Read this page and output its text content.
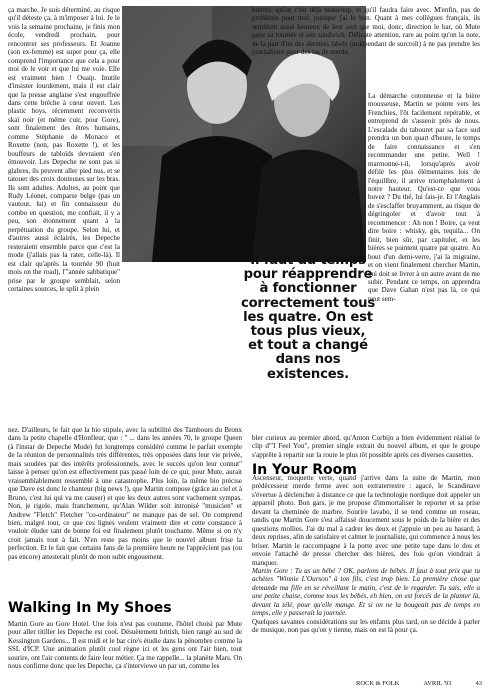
ça marche. Je suis déterminé, au risque qu'il déteste ça, à m'imposer à lui. Je le vois la semaine prochaine, je finis mon école, vendredi prochain, pour rencontrer ses professeurs. Et Joanne (son ex-femme) est super pour ça, elle comprend l'importance que cela a pour moi de le voir et que lui me voie. Elle est vraiment bien ! Ouaip. Inutile d'insister lourdement, mais il est clair que la presse anglaise s'est engouffrée dans cette brèche à cœur ouvert. Les plastic boys, récemment reconvertis skaï noir (et même cuir, pour Gore), sont finalement des êtres humains, comme Stéphanie de Monaco et Roxette (non, pas Roxette !), et les bouffeurs de tabloïds devraient s'en émouvoir. Les Depeche ne sont pas si glabres, ils peuvent aller pied nus, et se tatouer des croix douteuses sur les bras. Ils sont adultes. Adultes, au point que Rudy Léonet, comparse belge (pas un vautour, lui) et fin connaisseur du combo en question, me confiait, il y a peu, son étonnement quant à la perpétuation du groupe. Selon lui, et d'autres aussi éclairés, les Depeche resteraient ensemble parce que c'est la mode (j'allais pas la rater, celle-là). Il est clair qu'après la tournée 90 (huit mois on the road), l'"année sabbatique" prise par le groupe semblait, selon certaines sources, le split à plein

Il faut du temps
pour réapprendre
à fonctionner
correctement tous
les quatre. On est
tous plus vieux,
et tout a changé
dans nos
existences.

nez. D'ailleurs, le fait que la bio stipule, avec la subtilité des Tambours du Bronx dans la petite chapelle d'Honfleur, que : " ... dans les années 70, le groupe Queen (à l'instar de Depeche Mode) fut longtemps considéré comme le parfait exemple de la réunion de personnalités très différentes, très opposées dans leur vie privée, mais soudées par des intérêts professionnels, avec le succès qu'on leur connut" laisse à penser qu'on est effectivement pas passé loin de ce qui, pour Mute, aurait vraisemblablement ressemblé à une catastrophe. Plus loin, la même bio précise que Dave est donc le chanteur (big news !), que Martin compose (grâce au ciel et à Bruno, c'est lui qui va me causer) et que les deux autres sont vachement sympas. Non, je rigole, mais franchement, qu'Alan Wilder soit intronisé "musicien" et Andrew "Fletch" Fletcher "co-ordinateur" ne manque pas de sel. On comprend bien, malgré tout, ce que ces lignes veulent vraiment dire et cette constance à vouloir éluder tant de bonne foi est finalement plutôt touchante. Même si on n'y croit jamais tout à fait. N'en reste pas moins que le nouvel album frise la perfection. Et le fait que certains fans de la première heure ne l'apprécient pas (ou pas encore) attesterait plutôt de mon subit engouement.

Walking In My Shoes

Martin Gore au Gore Hotel. Une fois n'est pas coutume, l'hôtel choisi par Mute pour aller titiller les Depeche est cool. Désuètement british, bien rangé au sud de Kessington Gardens... Il est midi et le bar cire's étudie dans la pénombre comme la SSL d'ICP. Une animation plutôt cool règne ici et les gens ont l'air bien, tout sourire, ont l'air contents de faire leur métier. Ça me rappelle... la planète Mars. On nous confirme donc que les Depeche, ça s'interviewe un par un, comme les

huitres, qu'on c'est déjà beaucoup, et qu'il faudra faire avec. M'enfin, pas de problème pour moi, puisque j'ai le bon. Quant à mes collègues français, ils semblent aussi heureux de leur sort que moi, donc, direction le bar, où Mute paye sa tournée et son sandwich. Délicate attention, rare au point qu'on la note, de la part d'un des derniers labels (indépendant de surcroît) à ne pas prendre les journalistes pour des tas de merde.

La démarche cotonneuse et la bière mousseuse, Martin se pointe vers les Frenchies, l'ôt facilement repérable, et entreprend de s'asseoir près de nous. L'escalade du tabouret par sa face sud prendra un bon quart d'heure, le temps de faire connaissance et s'en recommander une petite. Well ! marmonne-t-il, lorsqu'après avoir défilé les plus élémentaires lois de l'équilibre, il arrive triomphalement à notre hauteur. Qu'est-ce que vous buvez ? Du thé, lui fais-je. Et l'Anglais de s'esclaffer bruyamment, au risque de dégringoler et d'avoir tout à recommencer : Ah non ! Boire, ça veut dire boire : whisky, gin, tequila... On finit, bien sûr, par capituler, et les bières se pointent quatre par quatre. Au bout d'un demi-verre, j'ai la migraine, et on vient finalement chercher Martin, qui doit se livrer à un autre avant de me subir. Pendant ce temps, on apprendra que Dave Gahan n'est pas là, ce qui peut sem-

bler curieux au premier abord, qu'Anton Corbijn a bien évidemment réalisé le clip d'"I Feel You", premier single extrait du nouvel album, et que le groupe s'apprête à repartir sur la route le plus tôt possible après ces diverses causettes.

In Your Room

Ascenseur, moquette verte, quand j'arrive dans la suite de Martin, mon prédécesseur merde ferme avec son extraterrestre : agacé, le Scandinave s'évertue à déclencher à distance ce que la technologie nordique doit appeler un appareil photo. Bon gars, je me propose d'immortaliser le reporter et sa prise devant la cheminée de marbre. Sourire lavabo, il se tend comme un roseau, tandis que Martin Gore s'est affaissé doucement sous le poids de la bière et des questions mollies. J'ai du mal à cadrer les deux et j'appuie un peu au hasard, à deux reprises, afin de satisfaire et calmer le journaliste, qui commence à nous les briser. Martin le raccompagne à la porte avec une petite tape dans le dos et envoie l'attaché de presse chercher des bières, des fois qu'on viendrait à manquer.

Martin Gore : Tu as un bébé ? OK, parlons de bébés. Il faut à tout prix que tu achètes "Winnie L'Ourson" à ton fils, c'est trop bien. La première chose que demande ma fille en se réveillant le matin, c'est de le regarder. Tu sais, elle a une petite chaise, comme tous les bébés, eh bien, on est forcés de la planter là, devant la télé, pour qu'elle mange. Et si on ne la bougeait pas de temps en temps, elle y passerait la journée.

Quelques savantes considérations sur les enfants plus tard, on se décide à parler de musique, non pas qu'on y tienne, mais on est là pour ça.

ROCK & FOLK	AVRIL '93	43
